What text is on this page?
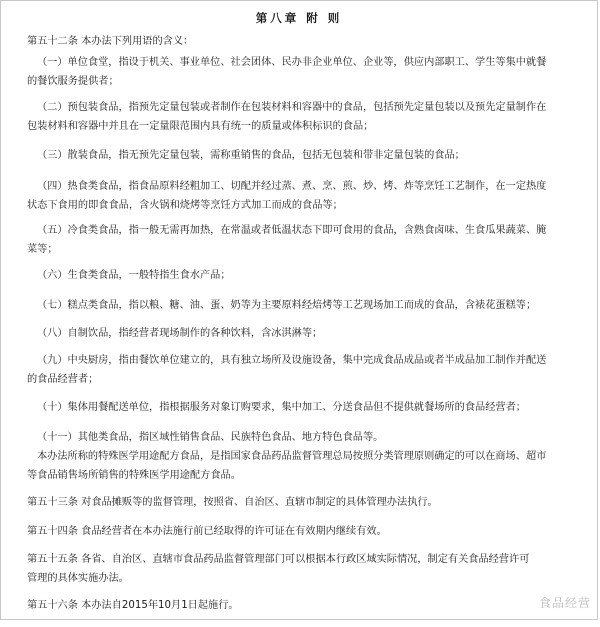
第八章 附 则
第五十二条 本办法下列用语的含义：
（一）单位食堂，指设于机关、事业单位、社会团体、民办非企业单位、企业等，供应内部职工、学生等集中就餐
的餐饮服务提供者；
（二）预包装食品，指预先定量包装或者制作在包装材料和容器中的食品，包括预先定量包装以及预先定量制作在
包装材料和容器中并且在一定量限范围内具有统一的质量或体积标识的食品；
（三）散装食品，指无预先定量包装，需称重销售的食品，包括无包装和带非定量包装的食品；
（四）热食类食品，指食品原料经粗加工、切配并经过蒸、煮、烹、煎、炒、烤、炸等烹饪工艺制作，在一定热度
状态下食用的即食食品，含火锅和烧烤等烹饪方式加工而成的食品等；
（五）冷食类食品，指一般无需再加热，在常温或者低温状态下即可食用的食品，含熟食卤味、生食瓜果蔬菜、腌
菜等；
（六）生食类食品，一般特指生食水产品；
（七）糕点类食品，指以粮、糖、油、蛋、奶等为主要原料经焙烤等工艺现场加工而成的食品，含裱花蛋糕等；
（八）自制饮品，指经营者现场制作的各种饮料，含冰淇淋等；
（九）中央厨房，指由餐饮单位建立的，具有独立场所及设施设备，集中完成食品成品或者半成品加工制作并配送
的食品经营者；
（十）集体用餐配送单位，指根据服务对象订购要求，集中加工、分送食品但不提供就餐场所的食品经营者；
（十一）其他类食品，指区域性销售食品、民族特色食品、地方特色食品等。
本办法所称的特殊医学用途配方食品，是指国家食品药品监督管理总局按照分类管理原则确定的可以在商场、超市
等食品销售场所销售的特殊医学用途配方食品。
第五十三条 对食品摊贩等的监督管理，按照省、自治区、直辖市制定的具体管理办法执行。
第五十四条 食品经营者在本办法施行前已经取得的许可证在有效期内继续有效。
第五十五条 各省、自治区、直辖市食品药品监督管理部门可以根据本行政区域实际情况，制定有关食品经营许可
管理的具体实施办法。
第五十六条 本办法自2015年10月1日起施行。	食品经营
